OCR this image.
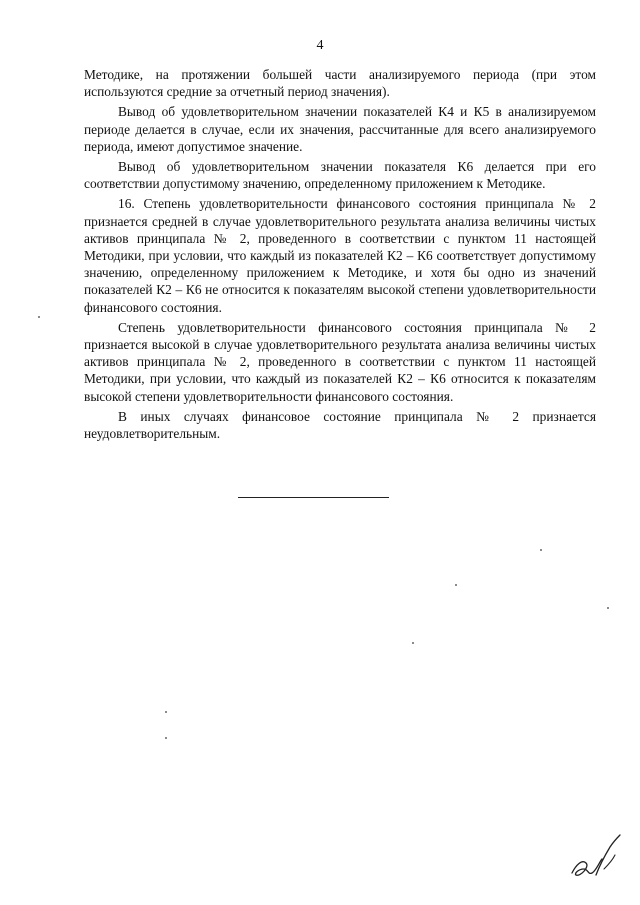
4

Методике, на протяжении большей части анализируемого периода (при этом используются средние за отчетный период значения).

Вывод об удовлетворительном значении показателей К4 и К5 в анализируемом периоде делается в случае, если их значения, рассчитанные для всего анализируемого периода, имеют допустимое значение.

Вывод об удовлетворительном значении показателя К6 делается при его соответствии допустимому значению, определенному приложением к Методике.

16. Степень удовлетворительности финансового состояния принципала № 2 признается средней в случае удовлетворительного результата анализа величины чистых активов принципала № 2, проведенного в соответствии с пунктом 11 настоящей Методики, при условии, что каждый из показателей К2 – К6 соответствует допустимому значению, определенному приложением к Методике, и хотя бы одно из значений показателей К2 – К6 не относится к показателям высокой степени удовлетворительности финансового состояния.

Степень удовлетворительности финансового состояния принципала № 2 признается высокой в случае удовлетворительного результата анализа величины чистых активов принципала № 2, проведенного в соответствии с пунктом 11 настоящей Методики, при условии, что каждый из показателей К2 – К6 относится к показателям высокой степени удовлетворительности финансового состояния.

В иных случаях финансовое состояние принципала № 2 признается неудовлетворительным.
